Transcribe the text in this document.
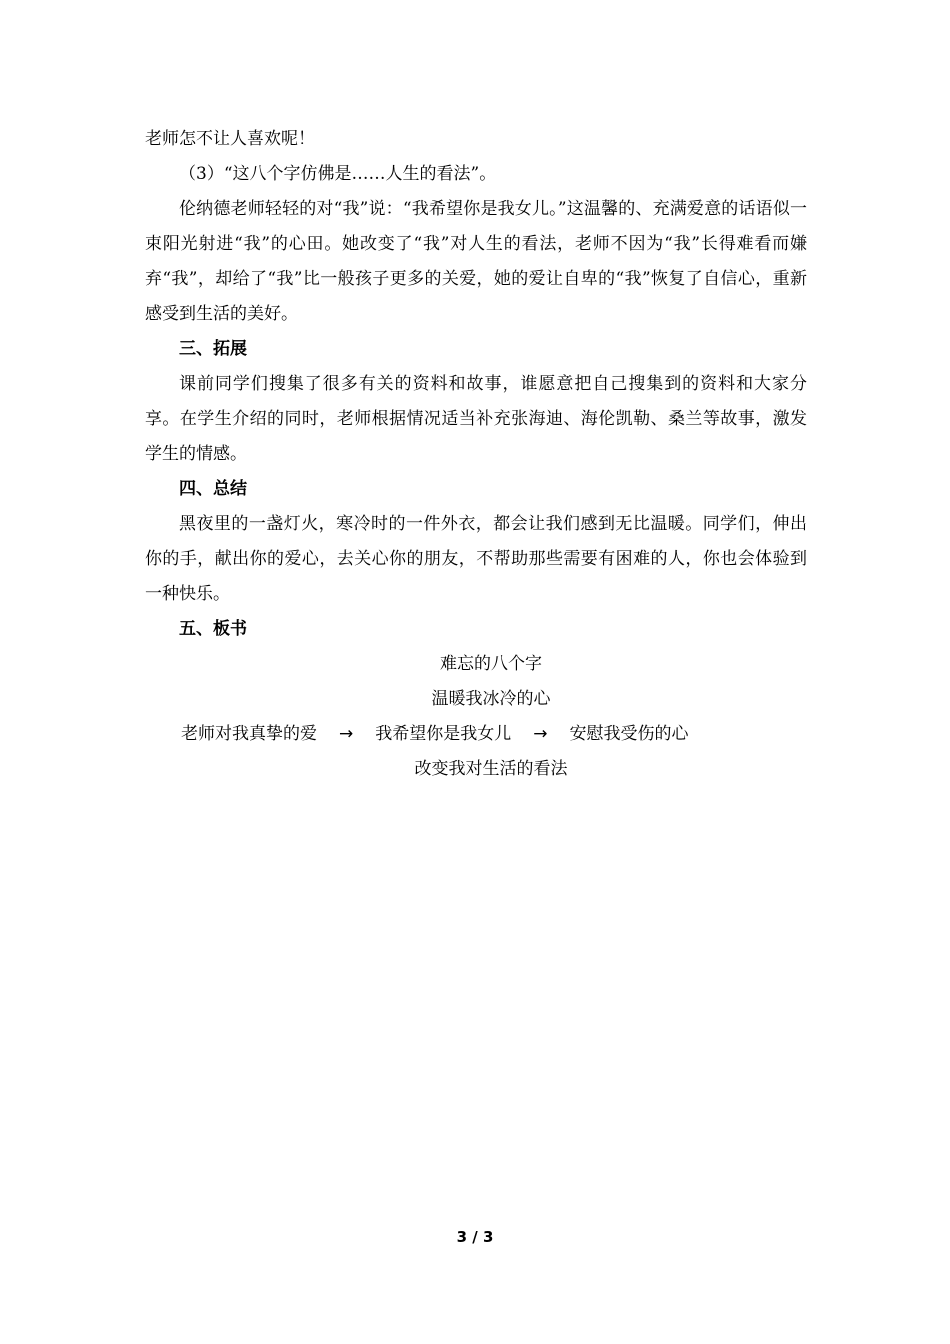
老师怎不让人喜欢呢！

（3）“这八个字仿佛是……人生的看法”。

伦纳德老师轻轻的对“我”说：“我希望你是我女儿。”这温馨的、充满爱意的话语似一束阳光射进“我”的心田。她改变了“我”对人生的看法，老师不因为“我”长得难看而嫌弃“我”，却给了“我”比一般孩子更多的关爱，她的爱让自卑的“我”恢复了自信心，重新感受到生活的美好。

三、拓展

课前同学们搜集了很多有关的资料和故事，谁愿意把自己搜集到的资料和大家分享。在学生介绍的同时，老师根据情况适当补充张海迪、海伦凯勒、桑兰等故事，激发学生的情感。

四、总结

黑夜里的一盏灯火，寒冷时的一件外衣，都会让我们感到无比温暖。同学们，伸出你的手，献出你的爱心，去关心你的朋友，不帮助那些需要有困难的人，你也会体验到一种快乐。

五、板书

难忘的八个字

温暖我冰冷的心

老师对我真挚的爱 → 我希望你是我女儿 → 安慰我受伤的心

改变我对生活的看法

3 / 3
